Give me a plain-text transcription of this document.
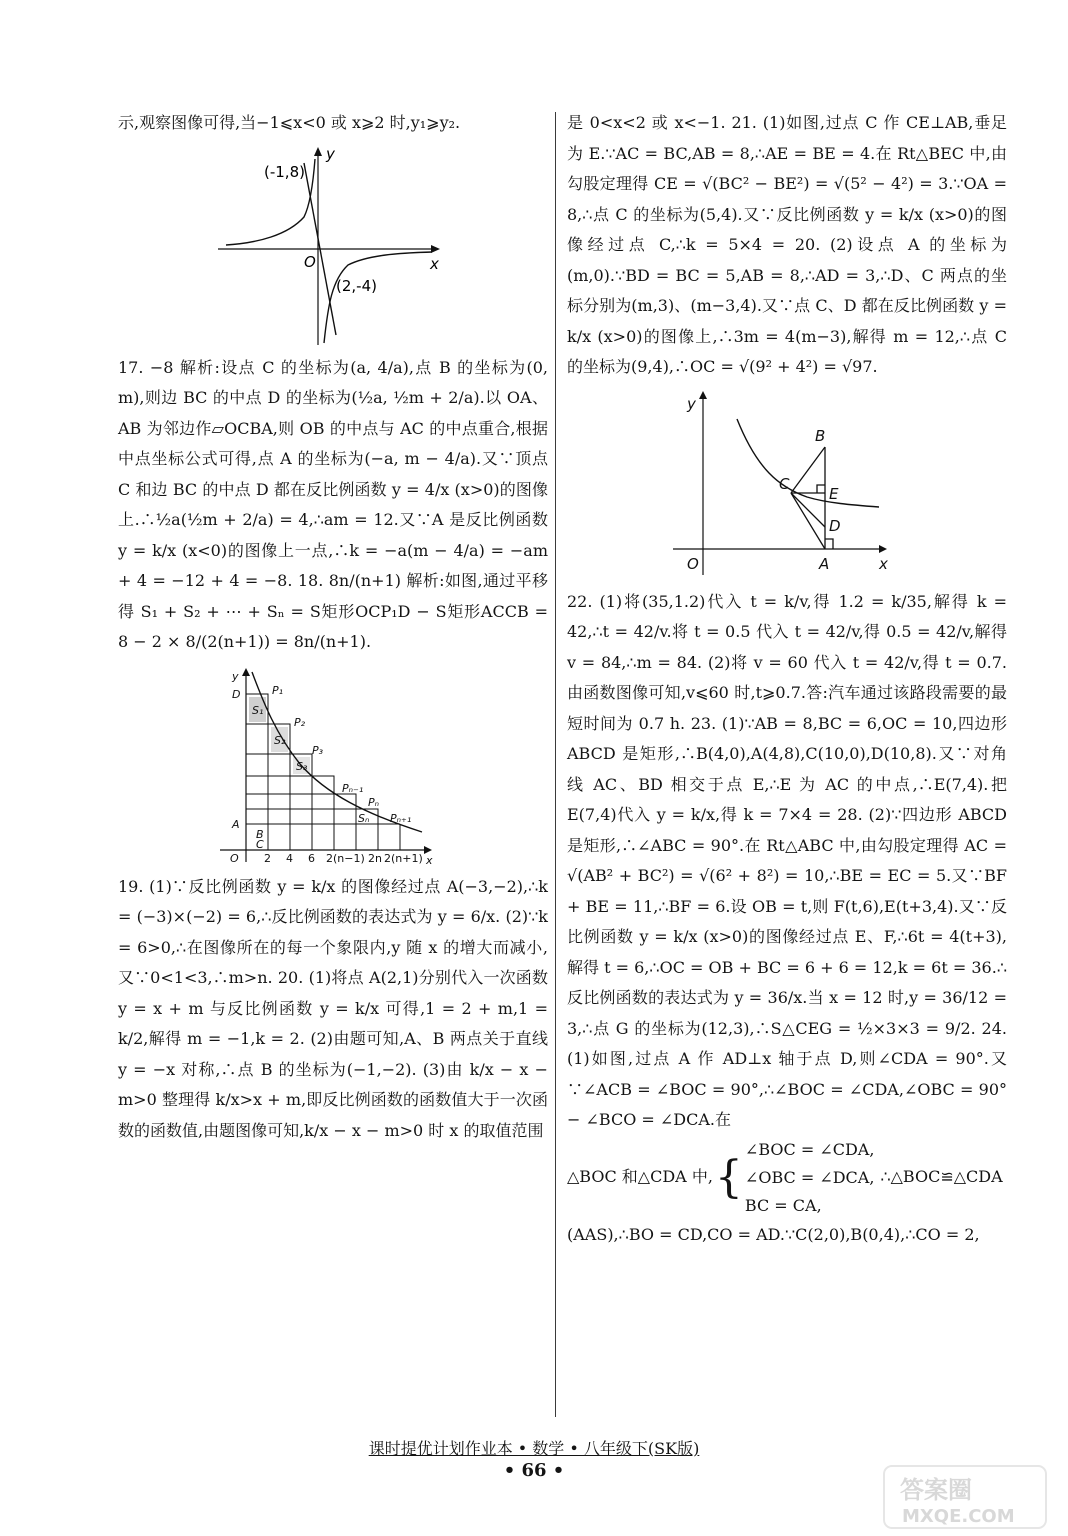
示,观察图像可得,当−1⩽x<0 或 x⩾2 时,y₁⩾y₂.

y
x
O
(-1,8)
(2,-4)

17. −8 解析:设点 C 的坐标为(a, 4/a),点 B 的坐标为(0, m),则边 BC 的中点 D 的坐标为(½a, ½m + 2/a).以 OA、AB 为邻边作▱OCBA,则 OB 的中点与 AC 的中点重合,根据中点坐标公式可得,点 A 的坐标为(−a, m − 4/a).又∵顶点 C 和边 BC 的中点 D 都在反比例函数 y = 4/x (x>0)的图像上.∴½a(½m + 2/a) = 4,∴am = 12.又∵A 是反比例函数 y = k/x (x<0)的图像上一点,∴k = −a(m − 4/a) = −am + 4 = −12 + 4 = −8. 18. 8n/(n+1) 解析:如图,通过平移得 S₁ + S₂ + ⋯ + Sₙ = S矩形OCP₁D − S矩形ACCB = 8 − 2 × 8/(2(n+1)) = 8n/(n+1).

y
x
O
D
A
B
C
P₁
P₂
P₃
Pₙ₋₁
Pₙ
Pₙ₊₁
S₁
S₂
S₃
Sₙ
2 4 6 2(n−1) 2n 2(n+1)

19. (1)∵反比例函数 y = k/x 的图像经过点 A(−3,−2),∴k = (−3)×(−2) = 6,∴反比例函数的表达式为 y = 6/x. (2)∵k = 6>0,∴在图像所在的每一个象限内,y 随 x 的增大而减小,又∵0<1<3,∴m>n. 20. (1)将点 A(2,1)分别代入一次函数 y = x + m 与反比例函数 y = k/x 可得,1 = 2 + m,1 = k/2,解得 m = −1,k = 2. (2)由题可知,A、B 两点关于直线 y = −x 对称,∴点 B 的坐标为(−1,−2). (3)由 k/x − x − m>0 整理得 k/x>x + m,即反比例函数的函数值大于一次函数的函数值,由题图像可知,k/x − x − m>0 时 x 的取值范围

是 0<x<2 或 x<−1. 21. (1)如图,过点 C 作 CE⊥AB,垂足为 E.∵AC = BC,AB = 8,∴AE = BE = 4.在 Rt△BEC 中,由勾股定理得 CE = √(BC² − BE²) = √(5² − 4²) = 3.∵OA = 8,∴点 C 的坐标为(5,4).又∵反比例函数 y = k/x (x>0)的图像经过点 C,∴k = 5×4 = 20. (2)设点 A 的坐标为(m,0).∵BD = BC = 5,AB = 8,∴AD = 3,∴D、C 两点的坐标分别为(m,3)、(m−3,4).又∵点 C、D 都在反比例函数 y = k/x (x>0)的图像上,∴3m = 4(m−3),解得 m = 12,∴点 C 的坐标为(9,4),∴OC = √(9² + 4²) = √97.

y
x
O	A
B
C
D
E

22. (1)将(35,1.2)代入 t = k/v,得 1.2 = k/35,解得 k = 42,∴t = 42/v.将 t = 0.5 代入 t = 42/v,得 0.5 = 42/v,解得 v = 84,∴m = 84. (2)将 v = 60 代入 t = 42/v,得 t = 0.7.由函数图像可知,v⩽60 时,t⩾0.7.答:汽车通过该路段需要的最短时间为 0.7 h. 23. (1)∵AB = 8,BC = 6,OC = 10,四边形 ABCD 是矩形,∴B(4,0),A(4,8),C(10,0),D(10,8).又∵对角线 AC、BD 相交于点 E,∴E 为 AC 的中点,∴E(7,4).把 E(7,4)代入 y = k/x,得 k = 7×4 = 28. (2)∵四边形 ABCD 是矩形,∴∠ABC = 90°.在 Rt△ABC 中,由勾股定理得 AC = √(AB² + BC²) = √(6² + 8²) = 10,∴BE = EC = 5.又∵BF + BE = 11,∴BF = 6.设 OB = t,则 F(t,6),E(t+3,4).又∵反比例函数 y = k/x (x>0)的图像经过点 E、F,∴6t = 4(t+3),解得 t = 6,∴OC = OB + BC = 6 + 6 = 12,k = 6t = 36.∴反比例函数的表达式为 y = 36/x.当 x = 12 时,y = 36/12 = 3,∴点 G 的坐标为(12,3),∴S△CEG = ½×3×3 = 9/2. 24. (1)如图,过点 A 作 AD⊥x 轴于点 D,则∠CDA = 90°.又∵∠ACB = ∠BOC = 90°,∴∠BOC = ∠CDA,∠OBC = 90° − ∠BCO = ∠DCA.在

△BOC 和△CDA 中, {
∠BOC = ∠CDA,
∠OBC = ∠DCA,
BC = CA,
∴△BOC≌△CDA

(AAS),∴BO = CD,CO = AD.∵C(2,0),B(0,4),∴CO = 2,

课时提优计划作业本 • 数学 • 八年级下(SK版)
• 66 •
答案圈
MXQE.COM
